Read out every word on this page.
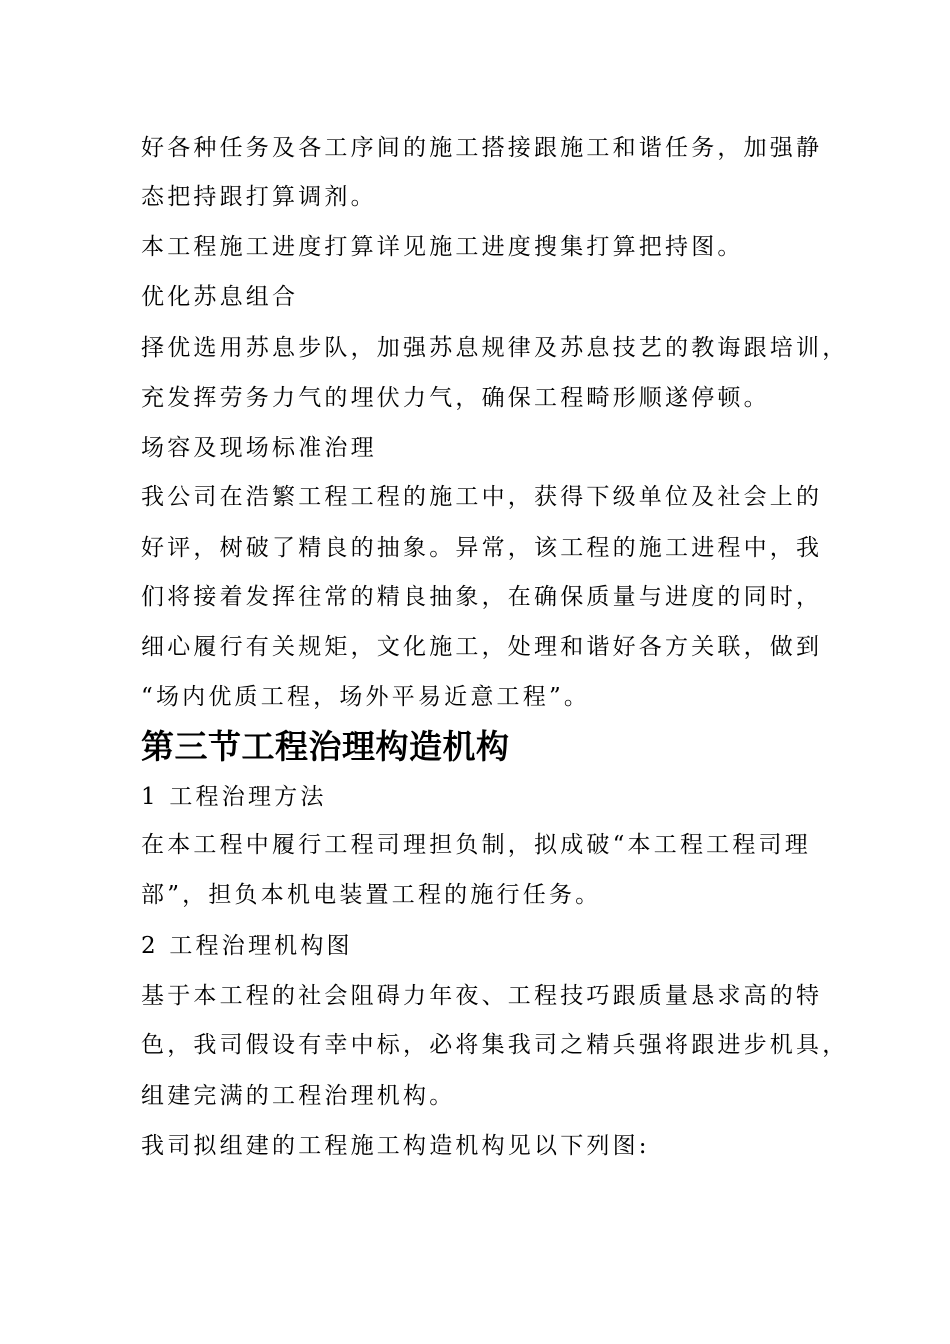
好各种任务及各工序间的施工搭接跟施工和谐任务，加强静

态把持跟打算调剂。

本工程施工进度打算详见施工进度搜集打算把持图。

优化苏息组合

择优选用苏息步队，加强苏息规律及苏息技艺的教诲跟培训，

充发挥劳务力气的埋伏力气，确保工程畸形顺遂停顿。

场容及现场标准治理

我公司在浩繁工程工程的施工中，获得下级单位及社会上的

好评，树破了精良的抽象。异常，该工程的施工进程中，我

们将接着发挥往常的精良抽象，在确保质量与进度的同时，

细心履行有关规矩，文化施工，处理和谐好各方关联，做到

“场内优质工程，场外平易近意工程”。

第三节工程治理构造机构

1 工程治理方法

在本工程中履行工程司理担负制，拟成破“本工程工程司理

部”，担负本机电装置工程的施行任务。

2 工程治理机构图

基于本工程的社会阻碍力年夜、工程技巧跟质量恳求高的特

色，我司假设有幸中标，必将集我司之精兵强将跟进步机具，

组建完满的工程治理机构。

我司拟组建的工程施工构造机构见以下列图:
